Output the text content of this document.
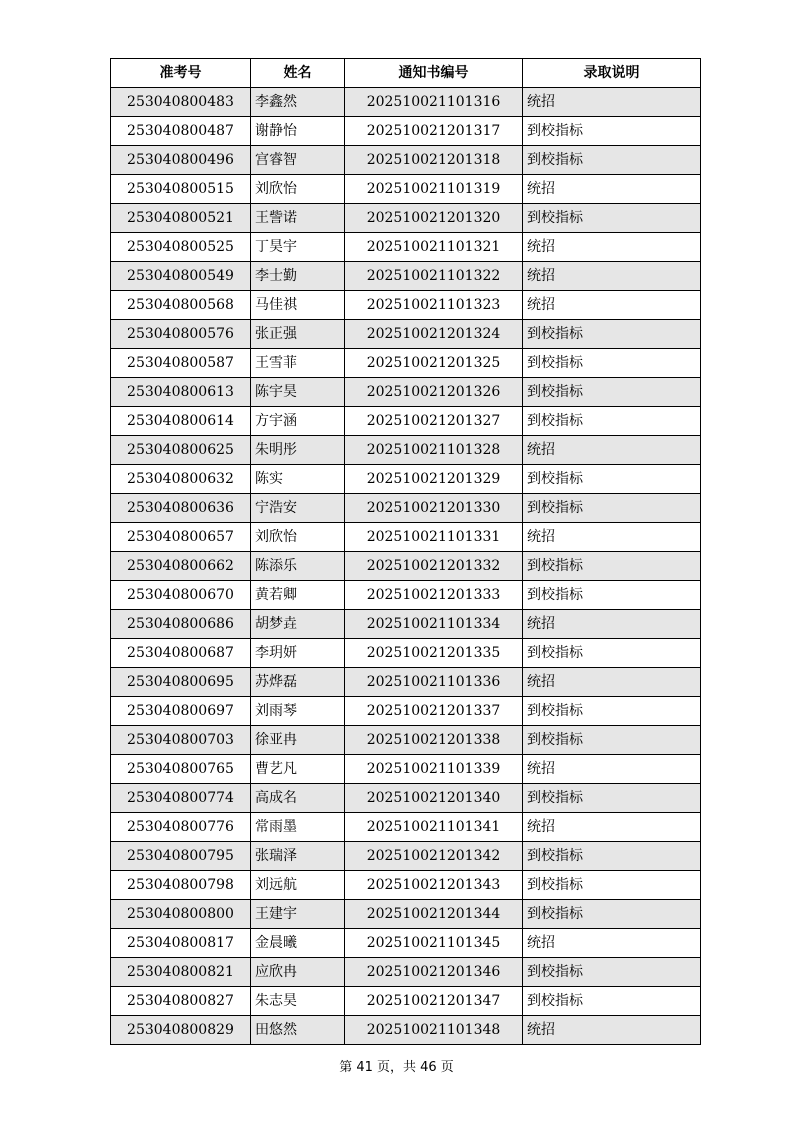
准考号	姓名	通知书编号	录取说明
253040800483	李鑫然	202510021101316	统招
253040800487	谢静怡	202510021201317	到校指标
253040800496	宫睿智	202510021201318	到校指标
253040800515	刘欣怡	202510021101319	统招
253040800521	王訾诺	202510021201320	到校指标
253040800525	丁昊宇	202510021101321	统招
253040800549	李士勤	202510021101322	统招
253040800568	马佳祺	202510021101323	统招
253040800576	张正强	202510021201324	到校指标
253040800587	王雪菲	202510021201325	到校指标
253040800613	陈宇昊	202510021201326	到校指标
253040800614	方宇涵	202510021201327	到校指标
253040800625	朱明彤	202510021101328	统招
253040800632	陈实	202510021201329	到校指标
253040800636	宁浩安	202510021201330	到校指标
253040800657	刘欣怡	202510021101331	统招
253040800662	陈添乐	202510021201332	到校指标
253040800670	黄若卿	202510021201333	到校指标
253040800686	胡梦垚	202510021101334	统招
253040800687	李玥妍	202510021201335	到校指标
253040800695	苏烨磊	202510021101336	统招
253040800697	刘雨琴	202510021201337	到校指标
253040800703	徐亚冉	202510021201338	到校指标
253040800765	曹艺凡	202510021101339	统招
253040800774	高成名	202510021201340	到校指标
253040800776	常雨墨	202510021101341	统招
253040800795	张瑞泽	202510021201342	到校指标
253040800798	刘远航	202510021201343	到校指标
253040800800	王建宇	202510021201344	到校指标
253040800817	金晨曦	202510021101345	统招
253040800821	应欣冉	202510021201346	到校指标
253040800827	朱志昊	202510021201347	到校指标
253040800829	田悠然	202510021101348	统招
第 41 页，共 46 页
